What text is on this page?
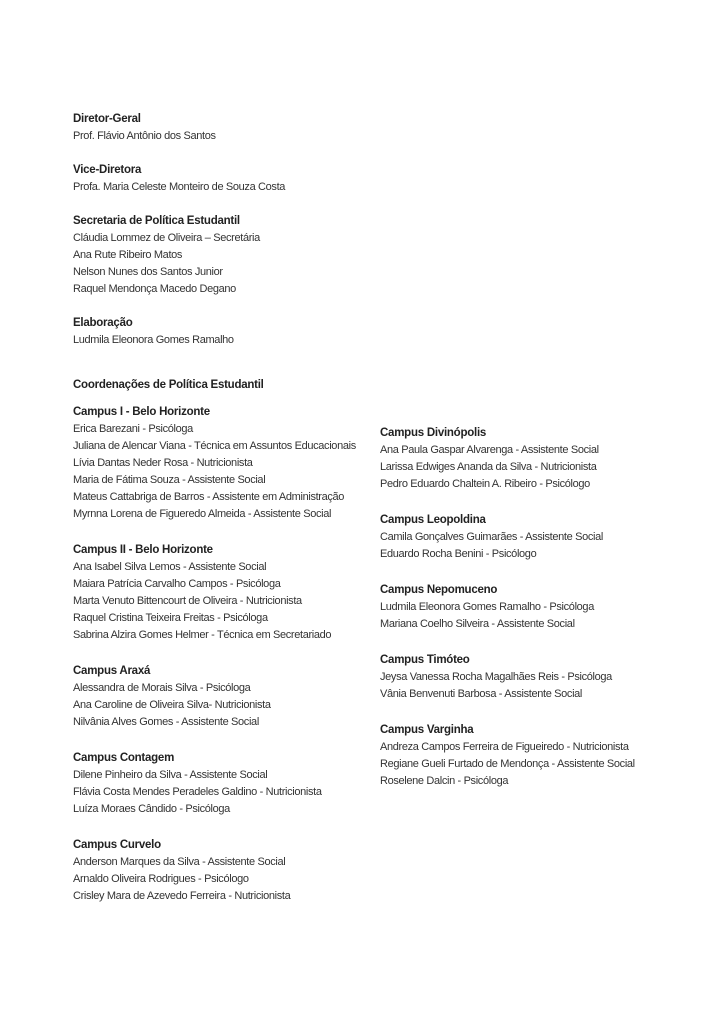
Diretor-Geral
Prof. Flávio Antônio dos Santos
Vice-Diretora
Profa. Maria Celeste Monteiro de Souza Costa
Secretaria de Política Estudantil
Cláudia Lommez de Oliveira – Secretária
Ana Rute Ribeiro Matos
Nelson Nunes dos Santos Junior
Raquel Mendonça Macedo Degano
Elaboração
Ludmila Eleonora Gomes Ramalho
Coordenações de Política Estudantil
Campus I - Belo Horizonte
Erica Barezani - Psicóloga
Juliana de Alencar Viana - Técnica em Assuntos Educacionais
Lívia Dantas Neder Rosa - Nutricionista
Maria de Fátima Souza - Assistente Social
Mateus Cattabriga de Barros - Assistente em Administração
Myrnna Lorena de Figueredo Almeida - Assistente Social
Campus II - Belo Horizonte
Ana Isabel Silva Lemos - Assistente Social
Maiara Patrícia Carvalho Campos - Psicóloga
Marta Venuto Bittencourt de Oliveira - Nutricionista
Raquel Cristina Teixeira Freitas - Psicóloga
Sabrina Alzira Gomes Helmer - Técnica em Secretariado
Campus Araxá
Alessandra de Morais Silva - Psicóloga
Ana Caroline de Oliveira Silva- Nutricionista
Nilvânia Alves Gomes - Assistente Social
Campus Contagem
Dilene Pinheiro da Silva - Assistente Social
Flávia Costa Mendes Peradeles Galdino - Nutricionista
Luíza Moraes Cândido - Psicóloga
Campus Curvelo
Anderson Marques da Silva - Assistente Social
Arnaldo Oliveira Rodrigues - Psicólogo
Crisley Mara de Azevedo Ferreira - Nutricionista
Campus Divinópolis
Ana Paula Gaspar Alvarenga - Assistente Social
Larissa Edwiges Ananda da Silva - Nutricionista
Pedro Eduardo Chaltein A. Ribeiro - Psicólogo
Campus Leopoldina
Camila Gonçalves Guimarães - Assistente Social
Eduardo Rocha Benini - Psicólogo
Campus Nepomuceno
Ludmila Eleonora Gomes Ramalho - Psicóloga
Mariana Coelho Silveira - Assistente Social
Campus Timóteo
Jeysa Vanessa Rocha Magalhães Reis - Psicóloga
Vânia Benvenuti Barbosa - Assistente Social
Campus Varginha
Andreza Campos Ferreira de Figueiredo - Nutricionista
Regiane Gueli Furtado de Mendonça - Assistente Social
Roselene Dalcin - Psicóloga
